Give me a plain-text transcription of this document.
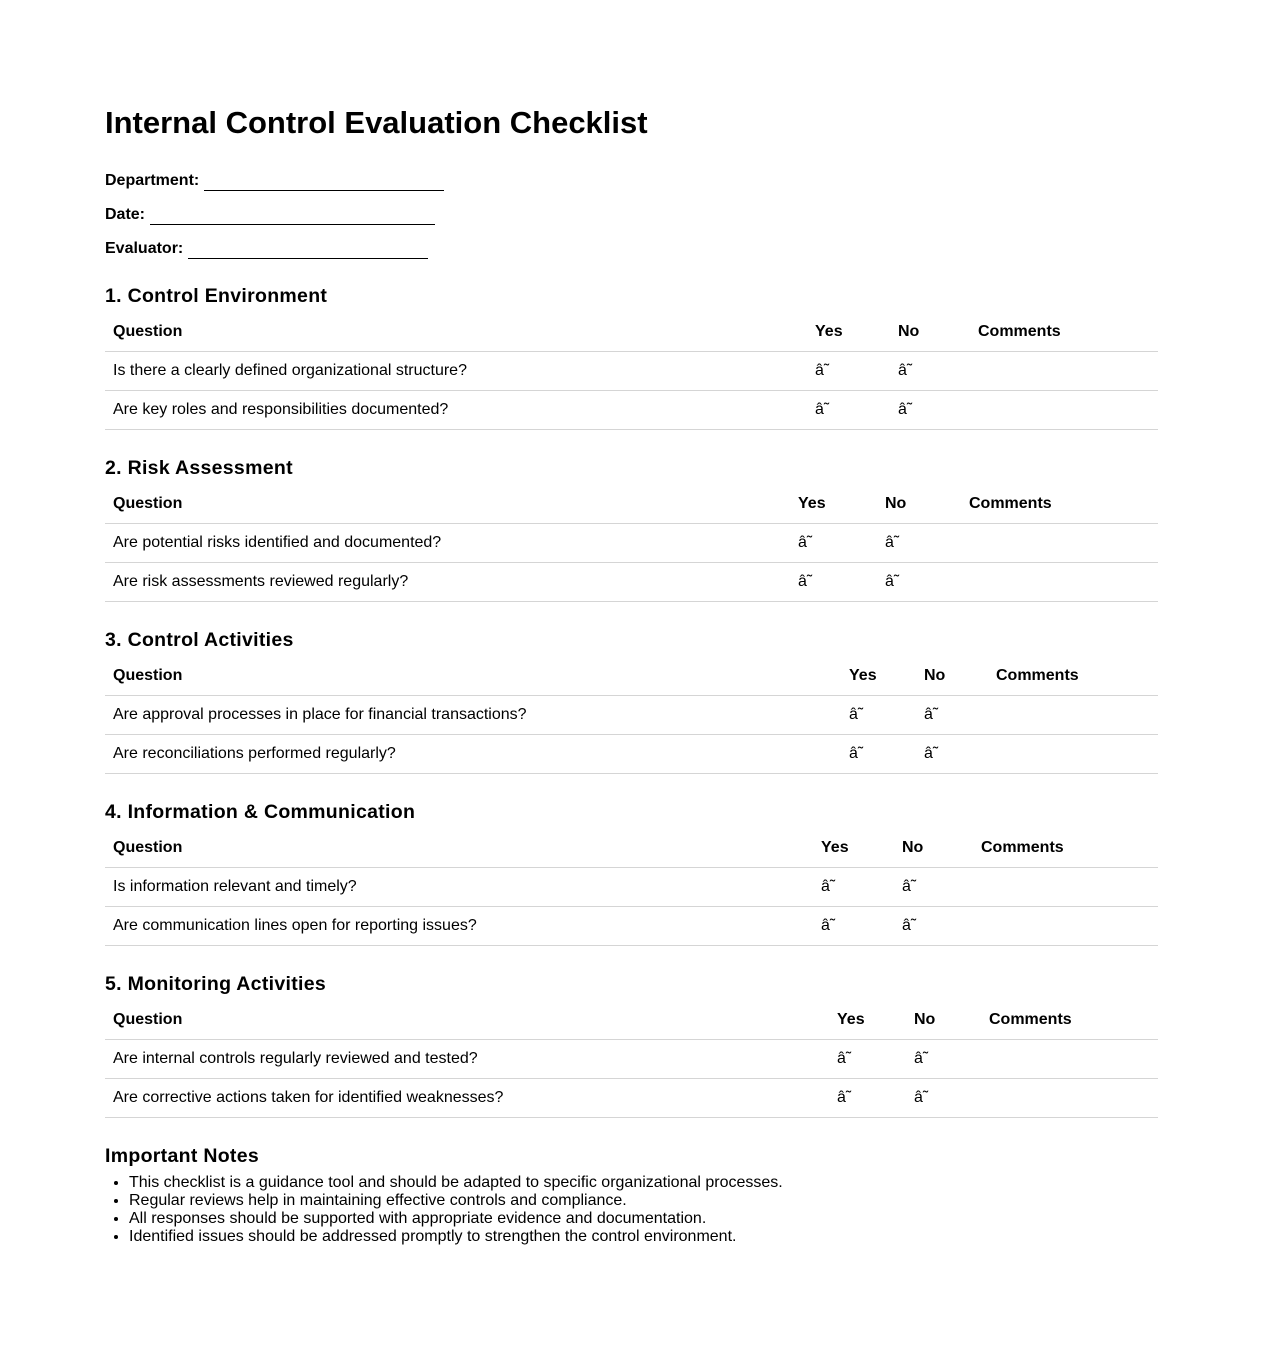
Internal Control Evaluation Checklist
Department:
Date:
Evaluator:
1. Control Environment
Question	Yes	No	Comments
Is there a clearly defined organizational structure?	â˜	â˜	
Are key roles and responsibilities documented?	â˜	â˜	
2. Risk Assessment
Question	Yes	No	Comments
Are potential risks identified and documented?	â˜	â˜	
Are risk assessments reviewed regularly?	â˜	â˜	
3. Control Activities
Question	Yes	No	Comments
Are approval processes in place for financial transactions?	â˜	â˜	
Are reconciliations performed regularly?	â˜	â˜	
4. Information & Communication
Question	Yes	No	Comments
Is information relevant and timely?	â˜	â˜	
Are communication lines open for reporting issues?	â˜	â˜	
5. Monitoring Activities
Question	Yes	No	Comments
Are internal controls regularly reviewed and tested?	â˜	â˜	
Are corrective actions taken for identified weaknesses?	â˜	â˜	
Important Notes
• This checklist is a guidance tool and should be adapted to specific organizational processes.
• Regular reviews help in maintaining effective controls and compliance.
• All responses should be supported with appropriate evidence and documentation.
• Identified issues should be addressed promptly to strengthen the control environment.
